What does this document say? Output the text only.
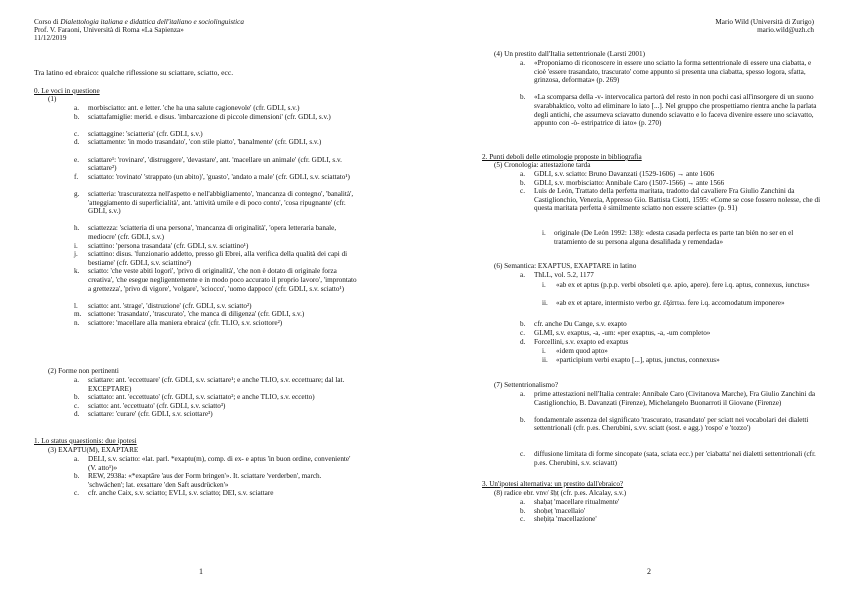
Corso di Dialettologia italiana e didattica dell'italiano e sociolinguistica
Prof. V. Faraoni, Università di Roma «La Sapienza»
11/12/2019
Tra latino ed ebraico: qualche riflessione su sciattare, sciatto, ecc.
0. Le voci in questione
(1)
a. morbisciatto: ant. e letter. 'che ha una salute cagionevole' (cfr. GDLI, s.v.)
b. sciattafamiglie: merid. e disus. 'imbarcazione di piccole dimensioni' (cfr. GDLI, s.v.)
c. sciattaggine: 'sciatteria' (cfr. GDLI, s.v.)
d. sciattamente: 'in modo trasandato', 'con stile piatto', 'banalmente' (cfr. GDLI, s.v.)
e. sciattare¹: 'rovinare', 'distruggere', 'devastare', ant. 'macellare un animale' (cfr. GDLI, s.v. sciattare²)
f. sciattato: 'rovinato' 'strappato (un abito)', 'guasto', 'andato a male' (cfr. GDLI, s.v. sciattato¹)
g. sciatteria: 'trascuratezza nell'aspetto e nell'abbigliamento', 'mancanza di contegno', 'banalità', 'atteggiamento di superficialità', ant. 'attività umile e di poco conto', 'cosa ripugnante' (cfr. GDLI, s.v.)
h. sciattezza: 'sciatteria di una persona', 'mancanza di originalità', 'opera letteraria banale, mediocre' (cfr. GDLI, s.v.)
i. sciattino: 'persona trasandata' (cfr. GDLI, s.v. sciattino¹)
j. sciattino: disus. 'funzionario addetto, presso gli Ebrei, alla verifica della qualità dei capi di bestiame' (cfr. GDLI, s.v. sciattino²)
k. sciatto: 'che veste abiti logori', 'privo di originalità', 'che non è dotato di originale forza creativa', 'che esegue negligentemente e in modo poco accurato il proprio lavoro', 'improntato a grettezza', 'privo di vigore', 'volgare', 'sciocco', 'uomo dappoco' (cfr. GDLI, s.v. sciatto¹)
l. sciatto: ant. 'strage', 'distruzione' (cfr. GDLI, s.v. sciatto²)
m. sciattone: 'trasandato', 'trascurato', 'che manca di diligenza' (cfr. GDLI, s.v.)
n. sciattore: 'macellare alla maniera ebraica' (cfr. TLIO, s.v. sciottore²)
(2) Forme non pertinenti
a. sciattare: ant. 'eccettuare' (cfr. GDLI, s.v. sciattare¹; e anche TLIO, s.v. eccettuare; dal lat. EXCEPTARE)
b. sciattato: ant. 'eccettuato' (cfr. GDLI, s.v. sciattato²; e anche TLIO, s.v. eccetto)
c. sciatto: ant. 'eccettuato' (cfr. GDLI, s.v. sciatto³)
d. sciattare: 'curare' (cfr. GDLI, s.v. sciottare³)
1. Lo status quaestionis: due ipotesi
(3) EXAPTU(M), EXAPTARE
a. DELI, s.v. sciatto: «lat. parl. *exaptu(m), comp. di ex- e aptus 'in buon ordine, conveniente' (V. atto¹)»
b. REW, 2938a: «*exaptāre 'aus der Form bringen'». It. sciattare 'verderben', march. 'schwächen'; lat. exsattare 'den Saft ausdrücken'»
c. cfr. anche Caix, s.v. sciatto; EVLI, s.v. sciatto; DEI, s.v. sciattare
1
Mario Wild (Università di Zurigo)
mario.wild@uzh.ch
(4) Un prestito dall'Italia settentrionale (Larsti 2001)
a. «Proponiamo di riconoscere in essere uno sciatto la forma settentrionale di essere una ciabatta, e cioè 'essere trasandato, trascurato' come appunto si presenta una ciabatta, spesso logora, sfatta, grinzosa, deformata» (p. 269)
b. «La scomparsa della -v- intervocalica partorà del resto in non pochi casi all'insorgere di un suono svarabhaktico, volto ad eliminare lo iato [...]. Nel gruppo che prospettiamo rientra anche la parlata degli antichi, che assumeva sciavatto dunendo sciavatto e lo faceva divenire essere uno sciavatto, appunto con -ò- estripatrice di iato» (p. 270)
2. Punti deboli delle etimologie proposte in bibliografia
(5) Cronologia: attestazione tarda
a. GDLI, s.v. sciatto: Bruno Davanzati (1529-1606) → ante 1606
b. GDLI, s.v. morbisciatto: Annibale Caro (1507-1566) → ante 1566
c. Luis de León, Trattato della perfetta maritata, tradotto dal cavaliere Fra Giulio Zanchini da Castiglionchio, Venezia, Appresso Gio. Battista Ciotti, 1595: «Come se cose fossero nolesse, che di questa maritata perfetta è similmente sciatto non essere sciatte» (p. 91)
i. originale (De León 1992: 138): «desta casada perfecta es parte tan bién no ser en el tratamiento de su persona alguna desaliñada y remendada»
(6) Semantica: EXAPTUS, EXAPTARE in latino
a. ThLL, vol. 5.2, 1177
i. «ab ex et aptus (p.p.p. verbi obsoleti q.e. apio, apere). fere i.q. aptus, connexus, iunctus»
ii. «ab ex et aptare, intermisto verbo gr. ἐξάπτω. fere i.q. accomodatum imponere»
b. cfr. anche Du Cange, s.v. exapto
c. GLMI, s.v. exaptus, -a, -um: «per exaptus, -a, -um completo»
d. Forcellini, s.v. exapto ed exaptus
i. «idem quod apto»
ii. «participium verbi exapto [...], aptus, junctus, connexus»
(7) Settentrionalismo?
a. prime attestazioni nell'Italia centrale: Annibale Caro (Civitanova Marche), Fra Giulio Zanchini da Castiglionchio, B. Davanzati (Firenze), Michelangelo Buonarroti il Giovane (Firenze)
b. fondamentale assenza del significato 'trascurato, trasandato' per sciatt nei vocabolari dei dialetti settentrionali (cfr. p.es. Cherubini, s.vv. sciatt (sost. e agg.) 'rospo' e 'tozzo')
c. diffusione limitata di forme sincopate (sata, sciata ecc.) per 'ciabatta' nei dialetti settentrionali (cfr. p.es. Cherubini, s.v. sciavatt)
3. Un'ipotesi alternativa: un prestito dall'ebraico?
(8) radice ebr. vnv/ šḥṭ (cfr. p.es. Alcalay, s.v.)
a. shaḥaṭ 'macellare ritualmente'
b. shoḥeṭ 'macellaio'
c. sheḥiṭa 'macellazione'
2
